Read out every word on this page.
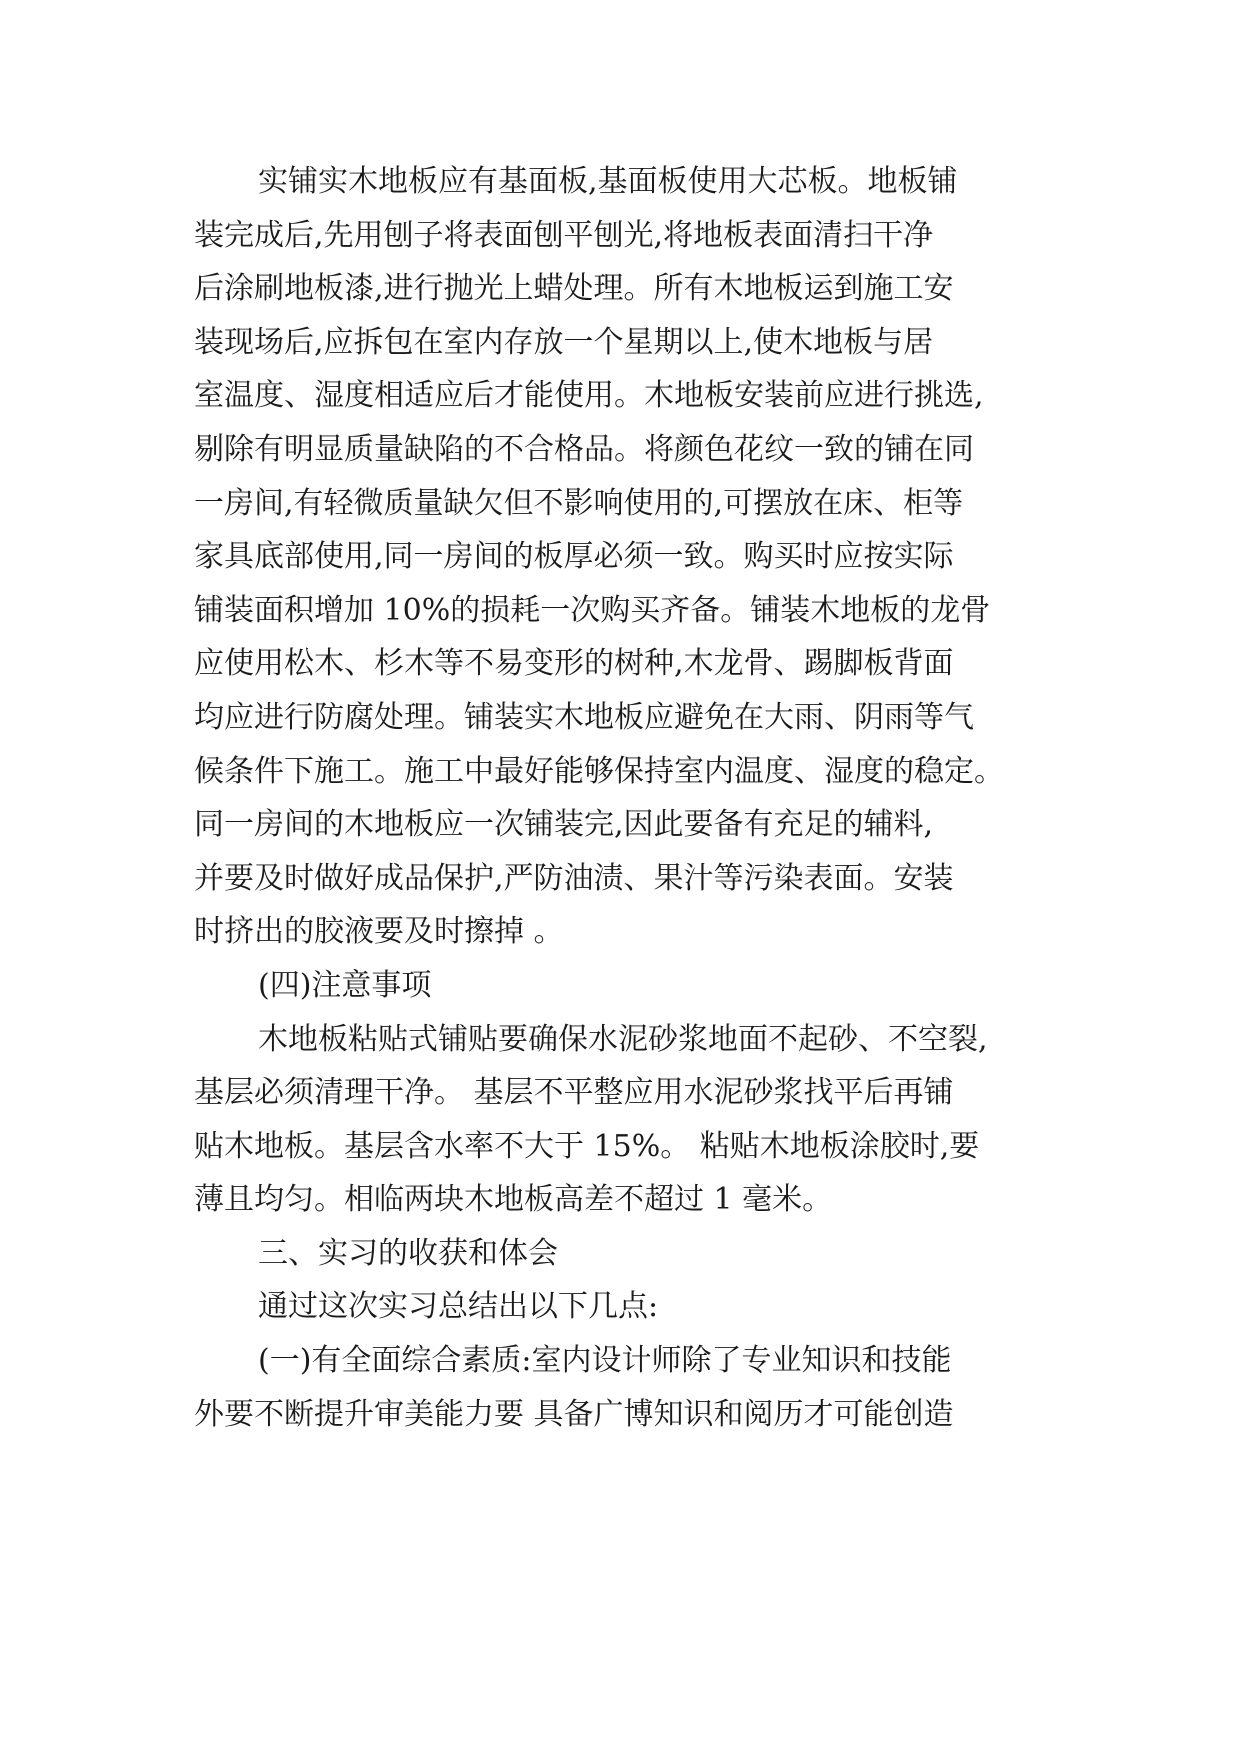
实铺实木地板应有基面板,基面板使用大芯板。地板铺
装完成后,先用刨子将表面刨平刨光,将地板表面清扫干净
后涂刷地板漆,进行抛光上蜡处理。所有木地板运到施工安
装现场后,应拆包在室内存放一个星期以上,使木地板与居
室温度、湿度相适应后才能使用。木地板安装前应进行挑选,
剔除有明显质量缺陷的不合格品。将颜色花纹一致的铺在同
一房间,有轻微质量缺欠但不影响使用的,可摆放在床、柜等
家具底部使用,同一房间的板厚必须一致。购买时应按实际
铺装面积增加 10%的损耗一次购买齐备。铺装木地板的龙骨
应使用松木、杉木等不易变形的树种,木龙骨、踢脚板背面
均应进行防腐处理。铺装实木地板应避免在大雨、阴雨等气
候条件下施工。施工中最好能够保持室内温度、湿度的稳定。
同一房间的木地板应一次铺装完,因此要备有充足的辅料,
并要及时做好成品保护,严防油渍、果汁等污染表面。安装
时挤出的胶液要及时擦掉 。
(四)注意事项
木地板粘贴式铺贴要确保水泥砂浆地面不起砂、不空裂,
基层必须清理干净。 基层不平整应用水泥砂浆找平后再铺
贴木地板。基层含水率不大于 15%。 粘贴木地板涂胶时,要
薄且均匀。相临两块木地板高差不超过 1 毫米。
三、实习的收获和体会
通过这次实习总结出以下几点:
(一)有全面综合素质:室内设计师除了专业知识和技能
外要不断提升审美能力要 具备广博知识和阅历才可能创造
